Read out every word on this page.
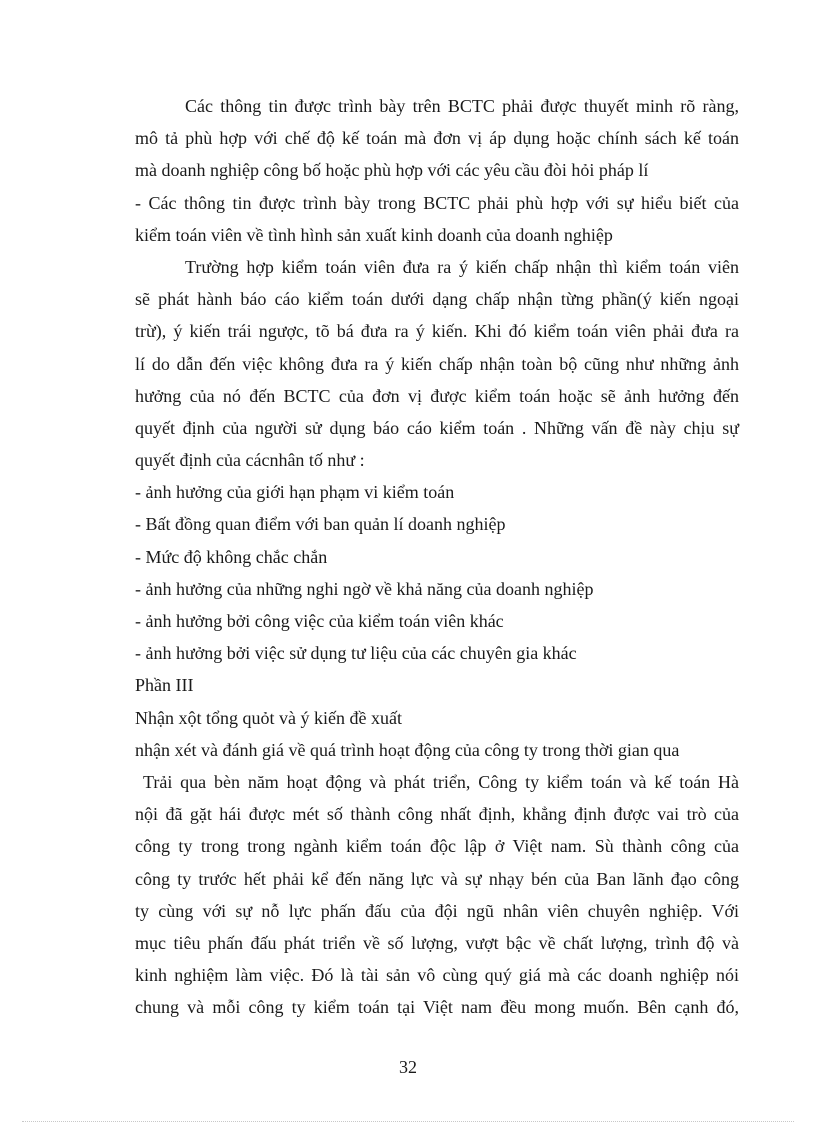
Các thông tin được trình bày trên BCTC phải được thuyết minh rõ ràng,
mô tả phù hợp với chế độ kế toán mà đơn vị áp dụng hoặc chính sách kế toán
mà doanh nghiệp công bố hoặc phù hợp với các yêu cầu đòi hỏi pháp lí
- Các thông tin được trình bày trong BCTC phải phù hợp với sự hiểu biết của
kiểm toán viên về tình hình sản xuất kinh doanh của doanh nghiệp
Trường hợp kiểm toán viên đưa ra ý kiến chấp nhận thì kiểm toán viên
sẽ phát hành báo cáo kiểm toán dưới dạng chấp nhận từng phần(ý kiến ngoại
trừ), ý kiến trái ngược, tõ bá đưa ra ý kiến. Khi đó kiểm toán viên phải đưa ra
lí do dẫn đến việc không đưa ra ý kiến chấp nhận toàn bộ cũng như những ảnh
hưởng của nó đến BCTC của đơn vị được kiểm toán hoặc sẽ ảnh hưởng đến
quyết định của người sử dụng báo cáo kiểm toán . Những vấn đề này chịu sự
quyết định của cácnhân tố như :
- ảnh hưởng của giới hạn phạm vi kiểm toán
- Bất đồng quan điểm với ban quản lí doanh nghiệp
- Mức độ không chắc chắn
- ảnh hưởng của những nghi ngờ về khả năng của doanh nghiệp
- ảnh hưởng bởi công việc của kiểm toán viên khác
- ảnh hưởng bởi việc sử dụng tư liệu của các chuyên gia khác
Phần III
Nhận xột tổng quỏt và ý kiến đề xuất
nhận xét và đánh giá về quá trình hoạt động của công ty trong thời gian qua
Trải qua bèn năm hoạt động và phát triển, Công ty kiểm toán và kế toán Hà
nội đã gặt hái được mét số thành công nhất định, khẳng định được vai trò của
công ty trong trong ngành kiểm toán độc lập ở Việt nam. Sù thành công của
công ty trước hết phải kể đến năng lực và sự nhạy bén của Ban lãnh đạo công
ty cùng với sự nỗ lực phấn đấu của đội ngũ nhân viên chuyên nghiệp. Với
mục tiêu phấn đấu phát triển về số lượng, vượt bậc về chất lượng, trình độ và
kinh nghiệm làm việc. Đó là tài sản vô cùng quý giá mà các doanh nghiệp nói
chung và mỗi công ty kiểm toán tại Việt nam đều mong muốn. Bên cạnh đó,
32
